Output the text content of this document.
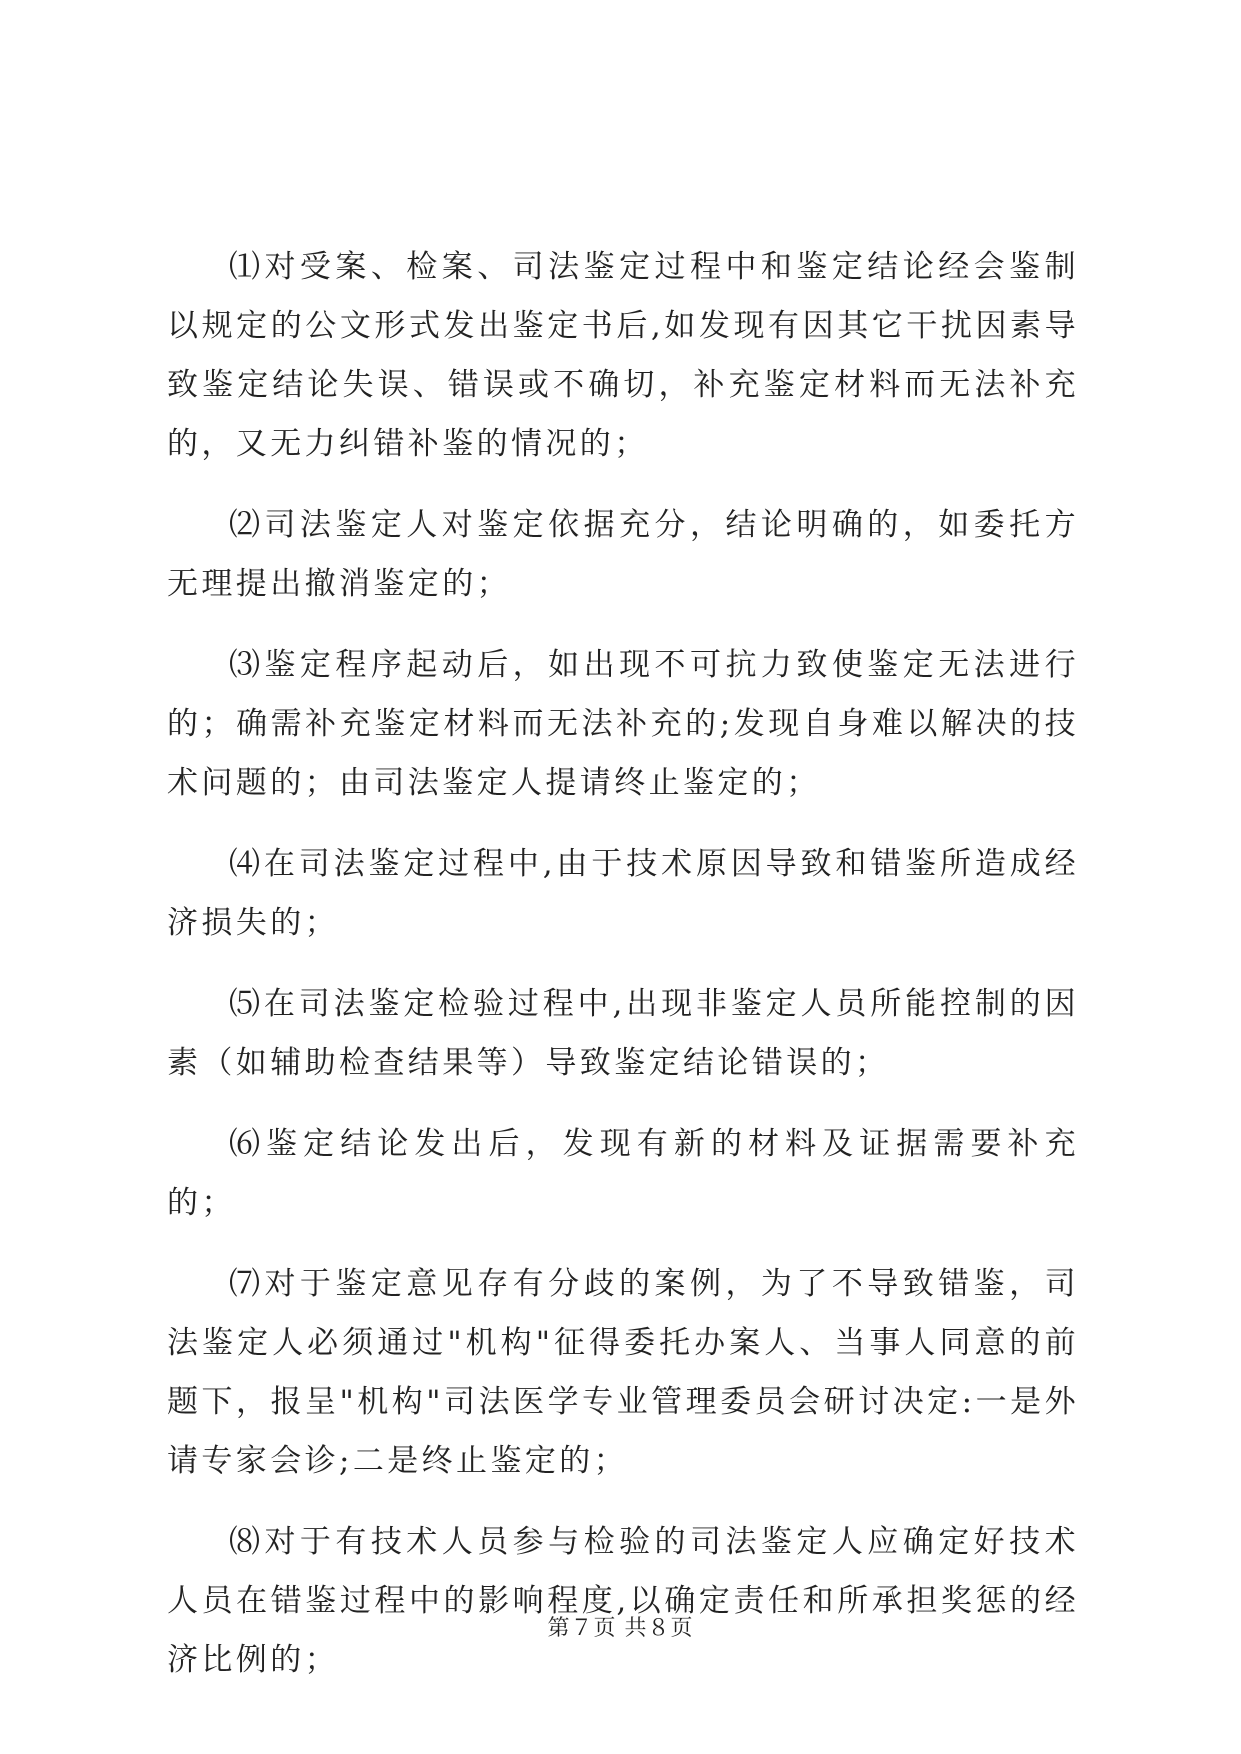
⑴对受案、检案、司法鉴定过程中和鉴定结论经会鉴制以规定的公文形式发出鉴定书后,如发现有因其它干扰因素导致鉴定结论失误、错误或不确切，补充鉴定材料而无法补充的，又无力纠错补鉴的情况的；

⑵司法鉴定人对鉴定依据充分，结论明确的，如委托方无理提出撤消鉴定的；

⑶鉴定程序起动后，如出现不可抗力致使鉴定无法进行的；确需补充鉴定材料而无法补充的;发现自身难以解决的技术问题的；由司法鉴定人提请终止鉴定的；

⑷在司法鉴定过程中,由于技术原因导致和错鉴所造成经济损失的；

⑸在司法鉴定检验过程中,出现非鉴定人员所能控制的因素（如辅助检查结果等）导致鉴定结论错误的；

⑹鉴定结论发出后，发现有新的材料及证据需要补充的；

⑺对于鉴定意见存有分歧的案例，为了不导致错鉴，司法鉴定人必须通过"机构"征得委托办案人、当事人同意的前题下，报呈"机构"司法医学专业管理委员会研讨决定:一是外请专家会诊;二是终止鉴定的；

⑻对于有技术人员参与检验的司法鉴定人应确定好技术人员在错鉴过程中的影响程度,以确定责任和所承担奖惩的经济比例的；

第７页 共８页
